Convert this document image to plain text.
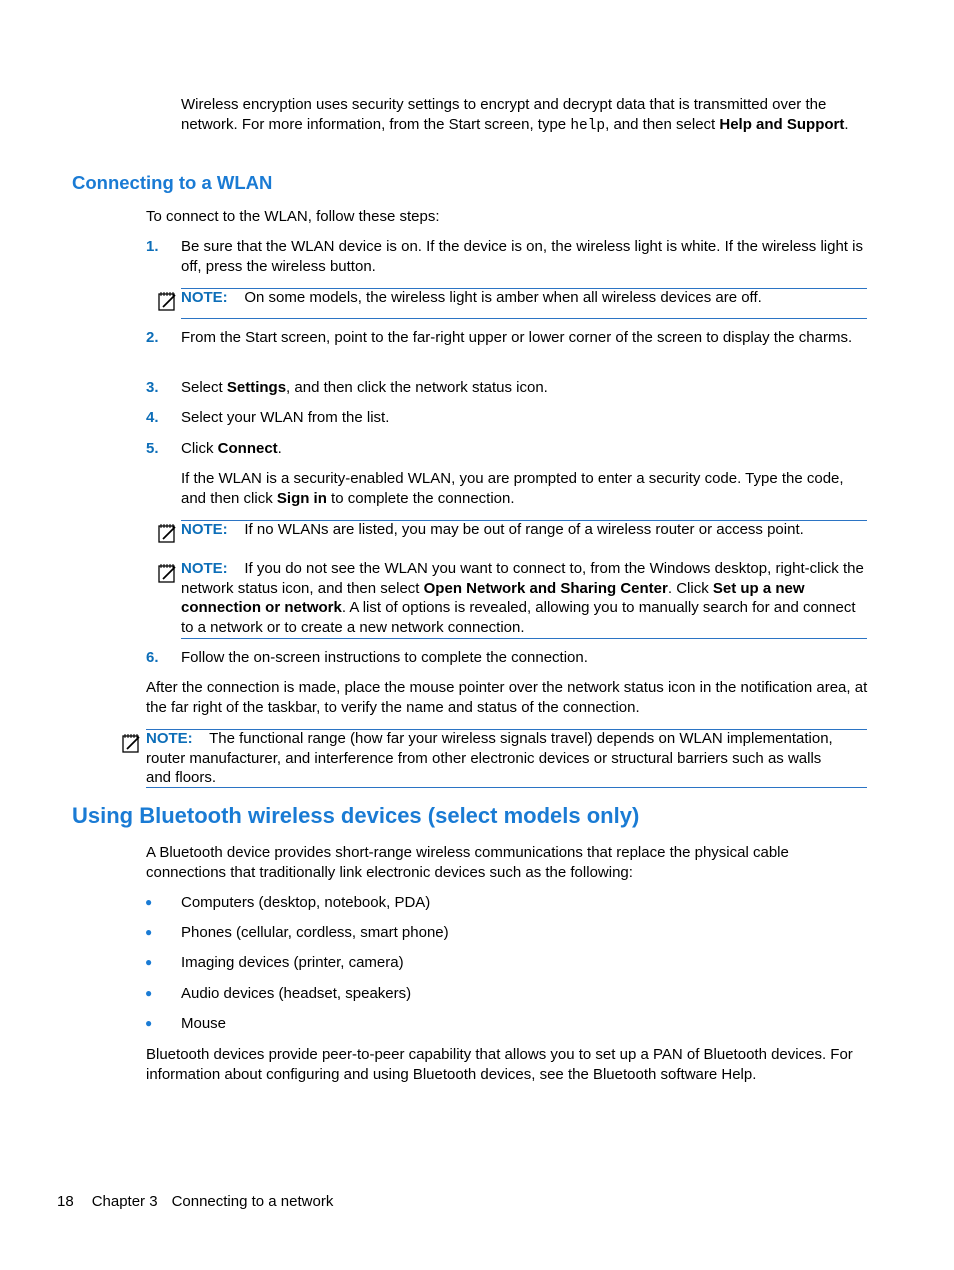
Wireless encryption uses security settings to encrypt and decrypt data that is transmitted over the network. For more information, from the Start screen, type help, and then select Help and Support.

Connecting to a WLAN

To connect to the WLAN, follow these steps:

1.	Be sure that the WLAN device is on. If the device is on, the wireless light is white. If the wireless light is off, press the wireless button.

NOTE: On some models, the wireless light is amber when all wireless devices are off.

2.	From the Start screen, point to the far-right upper or lower corner of the screen to display the charms.

3.	Select Settings, and then click the network status icon.

4.	Select your WLAN from the list.

5.	Click Connect.

If the WLAN is a security-enabled WLAN, you are prompted to enter a security code. Type the code, and then click Sign in to complete the connection.

NOTE: If no WLANs are listed, you may be out of range of a wireless router or access point.

NOTE: If you do not see the WLAN you want to connect to, from the Windows desktop, right-click the network status icon, and then select Open Network and Sharing Center. Click Set up a new connection or network. A list of options is revealed, allowing you to manually search for and connect to a network or to create a new network connection.

6.	Follow the on-screen instructions to complete the connection.

After the connection is made, place the mouse pointer over the network status icon in the notification area, at the far right of the taskbar, to verify the name and status of the connection.

NOTE: The functional range (how far your wireless signals travel) depends on WLAN implementation, router manufacturer, and interference from other electronic devices or structural barriers such as walls and floors.

Using Bluetooth wireless devices (select models only)

A Bluetooth device provides short-range wireless communications that replace the physical cable connections that traditionally link electronic devices such as the following:

● Computers (desktop, notebook, PDA)

● Phones (cellular, cordless, smart phone)

● Imaging devices (printer, camera)

● Audio devices (headset, speakers)

● Mouse

Bluetooth devices provide peer-to-peer capability that allows you to set up a PAN of Bluetooth devices. For information about configuring and using Bluetooth devices, see the Bluetooth software Help.

18 Chapter 3 Connecting to a network
